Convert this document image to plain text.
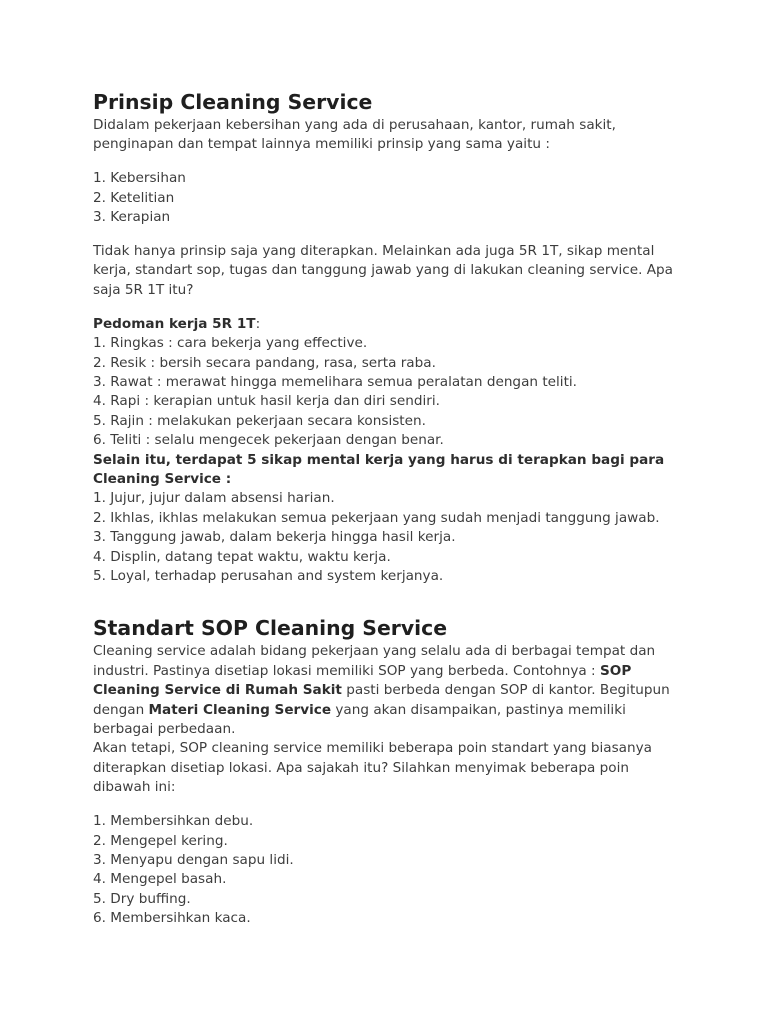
Prinsip Cleaning Service

Didalam pekerjaan kebersihan yang ada di perusahaan, kantor, rumah sakit, penginapan dan tempat lainnya memiliki prinsip yang sama yaitu :

1. Kebersihan
2. Ketelitian
3. Kerapian

Tidak hanya prinsip saja yang diterapkan. Melainkan ada juga 5R 1T, sikap mental kerja, standart sop, tugas dan tanggung jawab yang di lakukan cleaning service. Apa saja 5R 1T itu?

Pedoman kerja 5R 1T:

1. Ringkas : cara bekerja yang effective.
2. Resik : bersih secara pandang, rasa, serta raba.
3. Rawat : merawat hingga memelihara semua peralatan dengan teliti.
4. Rapi : kerapian untuk hasil kerja dan diri sendiri.
5. Rajin : melakukan pekerjaan secara konsisten.
6. Teliti : selalu mengecek pekerjaan dengan benar.

Selain itu, terdapat 5 sikap mental kerja yang harus di terapkan bagi para Cleaning Service :

1. Jujur, jujur dalam absensi harian.
2. Ikhlas, ikhlas melakukan semua pekerjaan yang sudah menjadi tanggung jawab.
3. Tanggung jawab, dalam bekerja hingga hasil kerja.
4. Displin, datang tepat waktu, waktu kerja.
5. Loyal, terhadap perusahan and system kerjanya.
Standart SOP Cleaning Service

Cleaning service adalah bidang pekerjaan yang selalu ada di berbagai tempat dan industri. Pastinya disetiap lokasi memiliki SOP yang berbeda. Contohnya : SOP Cleaning Service di Rumah Sakit pasti berbeda dengan SOP di kantor. Begitupun dengan Materi Cleaning Service yang akan disampaikan, pastinya memiliki berbagai perbedaan.

Akan tetapi, SOP cleaning service memiliki beberapa poin standart yang biasanya diterapkan disetiap lokasi. Apa sajakah itu? Silahkan menyimak beberapa poin dibawah ini:

1. Membersihkan debu.
2. Mengepel kering.
3. Menyapu dengan sapu lidi.
4. Mengepel basah.
5. Dry buffing.
6. Membersihkan kaca.
